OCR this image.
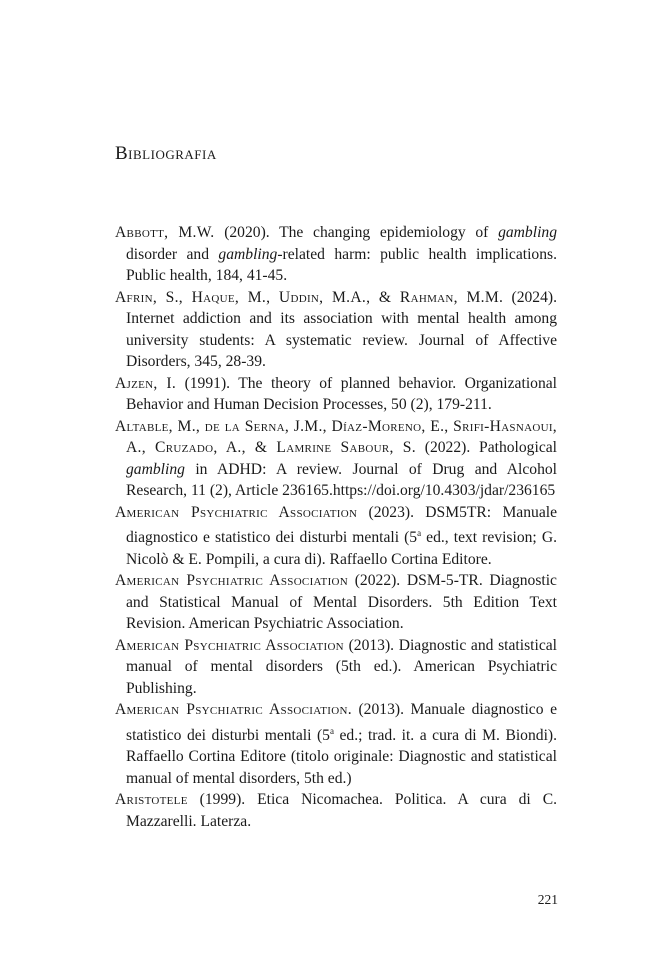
Bibliografia
Abbott, M.W. (2020). The changing epidemiology of gambling disorder and gambling-related harm: public health implications. Public health, 184, 41-45.
Afrin, S., Haque, M., Uddin, M.A., & Rahman, M.M. (2024). Internet addiction and its association with mental health among university students: A systematic review. Journal of Affective Disorders, 345, 28-39.
Ajzen, I. (1991). The theory of planned behavior. Organizational Behavior and Human Decision Processes, 50 (2), 179-211.
Altable, M., de la Serna, J.M., Díaz-Moreno, E., Srifi-Hasnaoui, A., Cruzado, A., & Lamrine Sabour, S. (2022). Pathological gambling in ADHD: A review. Journal of Drug and Alcohol Research, 11 (2), Article 236165.https://doi.org/10.4303/jdar/236165
American Psychiatric Association (2023). DSM5TR: Manuale diagnostico e statistico dei disturbi mentali (5$^a$ ed., text revision; G. Nicolò & E. Pompili, a cura di). Raffaello Cortina Editore.
American Psychiatric Association (2022). DSM-5-TR. Diagnostic and Statistical Manual of Mental Disorders. 5th Edition Text Revision. American Psychiatric Association.
American Psychiatric Association (2013). Diagnostic and statistical manual of mental disorders (5th ed.). American Psychiatric Publishing.
American Psychiatric Association. (2013). Manuale diagnostico e statistico dei disturbi mentali (5$^a$ ed.; trad. it. a cura di M. Biondi). Raffaello Cortina Editore (titolo originale: Diagnostic and statistical manual of mental disorders, 5th ed.)
Aristotele (1999). Etica Nicomachea. Politica. A cura di C. Mazzarelli. Laterza.
221
